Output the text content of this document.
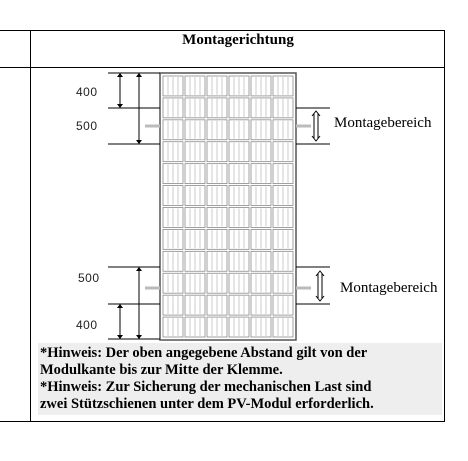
Montagerichtung
400
500
500
400
Montagebereich
Montagebereich
*Hinweis: Der oben angegebene Abstand gilt von der
Modulkante bis zur Mitte der Klemme.
*Hinweis: Zur Sicherung der mechanischen Last sind
zwei Stützschienen unter dem PV-Modul erforderlich.
